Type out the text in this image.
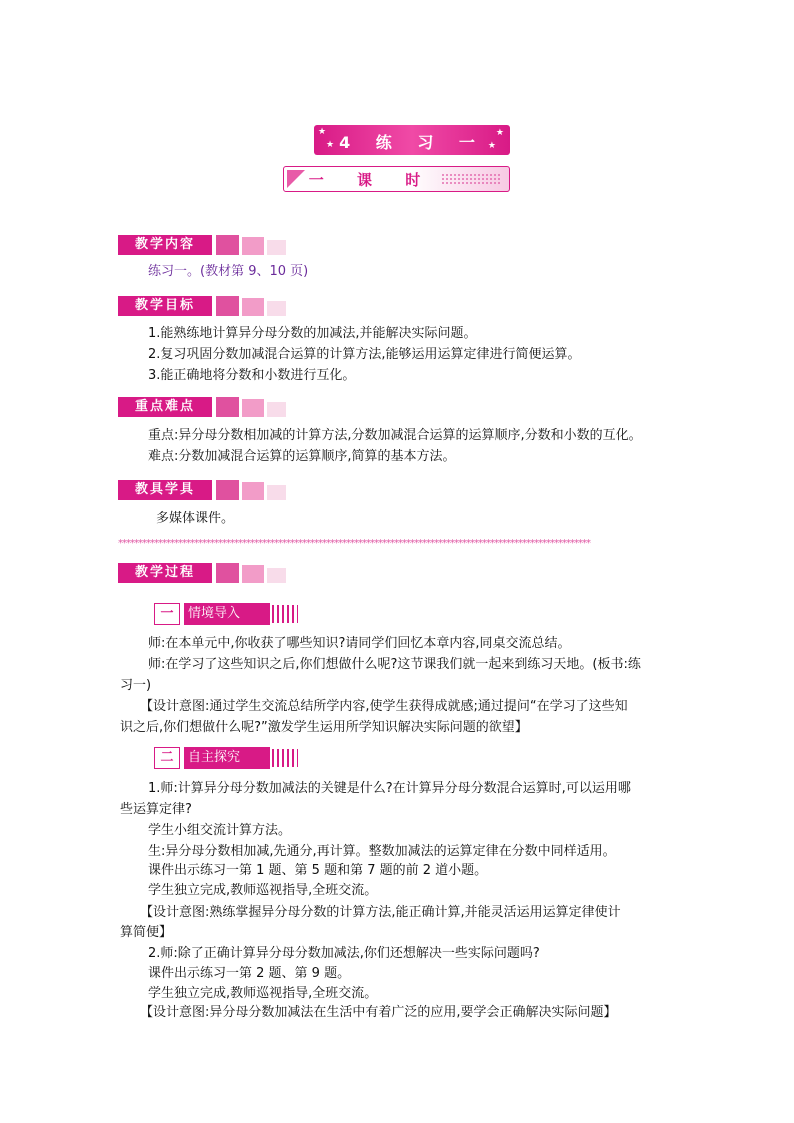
★
★
★
★
4 练 习 一
一 课 时
教学内容
练习一。(教材第 9、10 页)
教学目标
1.能熟练地计算异分母分数的加减法,并能解决实际问题。
2.复习巩固分数加减混合运算的计算方法,能够运用运算定律进行简便运算。
3.能正确地将分数和小数进行互化。
重点难点
重点:异分母分数相加减的计算方法,分数加减混合运算的运算顺序,分数和小数的互化。
难点:分数加减混合运算的运算顺序,简算的基本方法。
教具学具
多媒体课件。
**********************************************************************************************************************
教学过程
一	情境导入
师:在本单元中,你收获了哪些知识?请同学们回忆本章内容,同桌交流总结。
师:在学习了这些知识之后,你们想做什么呢?这节课我们就一起来到练习天地。(板书:练
习一)
【设计意图:通过学生交流总结所学内容,使学生获得成就感;通过提问“在学习了这些知
识之后,你们想做什么呢?”激发学生运用所学知识解决实际问题的欲望】
二	自主探究
1.师:计算异分母分数加减法的关键是什么?在计算异分母分数混合运算时,可以运用哪
些运算定律?
学生小组交流计算方法。
生:异分母分数相加减,先通分,再计算。整数加减法的运算定律在分数中同样适用。
课件出示练习一第 1 题、第 5 题和第 7 题的前 2 道小题。
学生独立完成,教师巡视指导,全班交流。
【设计意图:熟练掌握异分母分数的计算方法,能正确计算,并能灵活运用运算定律使计
算简便】
2.师:除了正确计算异分母分数加减法,你们还想解决一些实际问题吗?
课件出示练习一第 2 题、第 9 题。
学生独立完成,教师巡视指导,全班交流。
【设计意图:异分母分数加减法在生活中有着广泛的应用,要学会正确解决实际问题】
